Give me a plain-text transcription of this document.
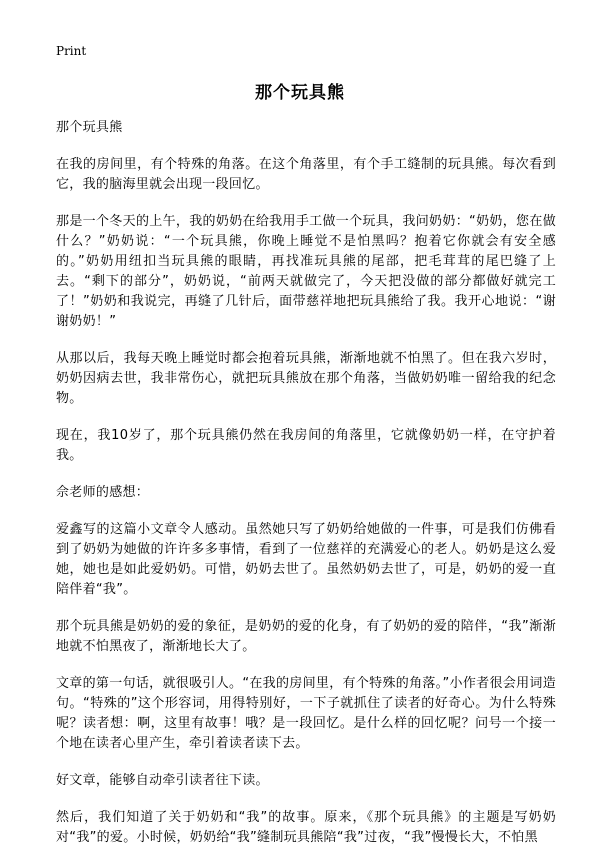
Print
那个玩具熊

那个玩具熊

在我的房间里，有个特殊的角落。在这个角落里，有个手工缝制的玩具熊。每次看到它，我的脑海里就会出现一段回忆。

那是一个冬天的上午，我的奶奶在给我用手工做一个玩具，我问奶奶：“奶奶，您在做什么？”奶奶说：“一个玩具熊，你晚上睡觉不是怕黑吗？抱着它你就会有安全感的。”奶奶用纽扣当玩具熊的眼睛，再找准玩具熊的尾部，把毛茸茸的尾巴缝了上去。“剩下的部分”，奶奶说，“前两天就做完了，今天把没做的部分都做好就完工了！”奶奶和我说完，再缝了几针后，面带慈祥地把玩具熊给了我。我开心地说：“谢谢奶奶！”

从那以后，我每天晚上睡觉时都会抱着玩具熊，渐渐地就不怕黑了。但在我六岁时，奶奶因病去世，我非常伤心，就把玩具熊放在那个角落，当做奶奶唯一留给我的纪念物。

现在，我10岁了，那个玩具熊仍然在我房间的角落里，它就像奶奶一样，在守护着我。

佘老师的感想：

爱鑫写的这篇小文章令人感动。虽然她只写了奶奶给她做的一件事，可是我们仿佛看到了奶奶为她做的许许多多事情，看到了一位慈祥的充满爱心的老人。奶奶是这么爱她，她也是如此爱奶奶。可惜，奶奶去世了。虽然奶奶去世了，可是，奶奶的爱一直陪伴着“我”。

那个玩具熊是奶奶的爱的象征，是奶奶的爱的化身，有了奶奶的爱的陪伴，“我”渐渐地就不怕黑夜了，渐渐地长大了。

文章的第一句话，就很吸引人。“在我的房间里，有个特殊的角落。”小作者很会用词造句。“特殊的”这个形容词，用得特别好，一下子就抓住了读者的好奇心。为什么特殊呢？读者想：啊，这里有故事！哦？是一段回忆。是什么样的回忆呢？问号一个接一个地在读者心里产生，牵引着读者读下去。

好文章，能够自动牵引读者往下读。

然后，我们知道了关于奶奶和“我”的故事。原来，《那个玩具熊》的主题是写奶奶对“我”的爱。小时候，奶奶给“我”缝制玩具熊陪“我”过夜，“我”慢慢长大，不怕黑
